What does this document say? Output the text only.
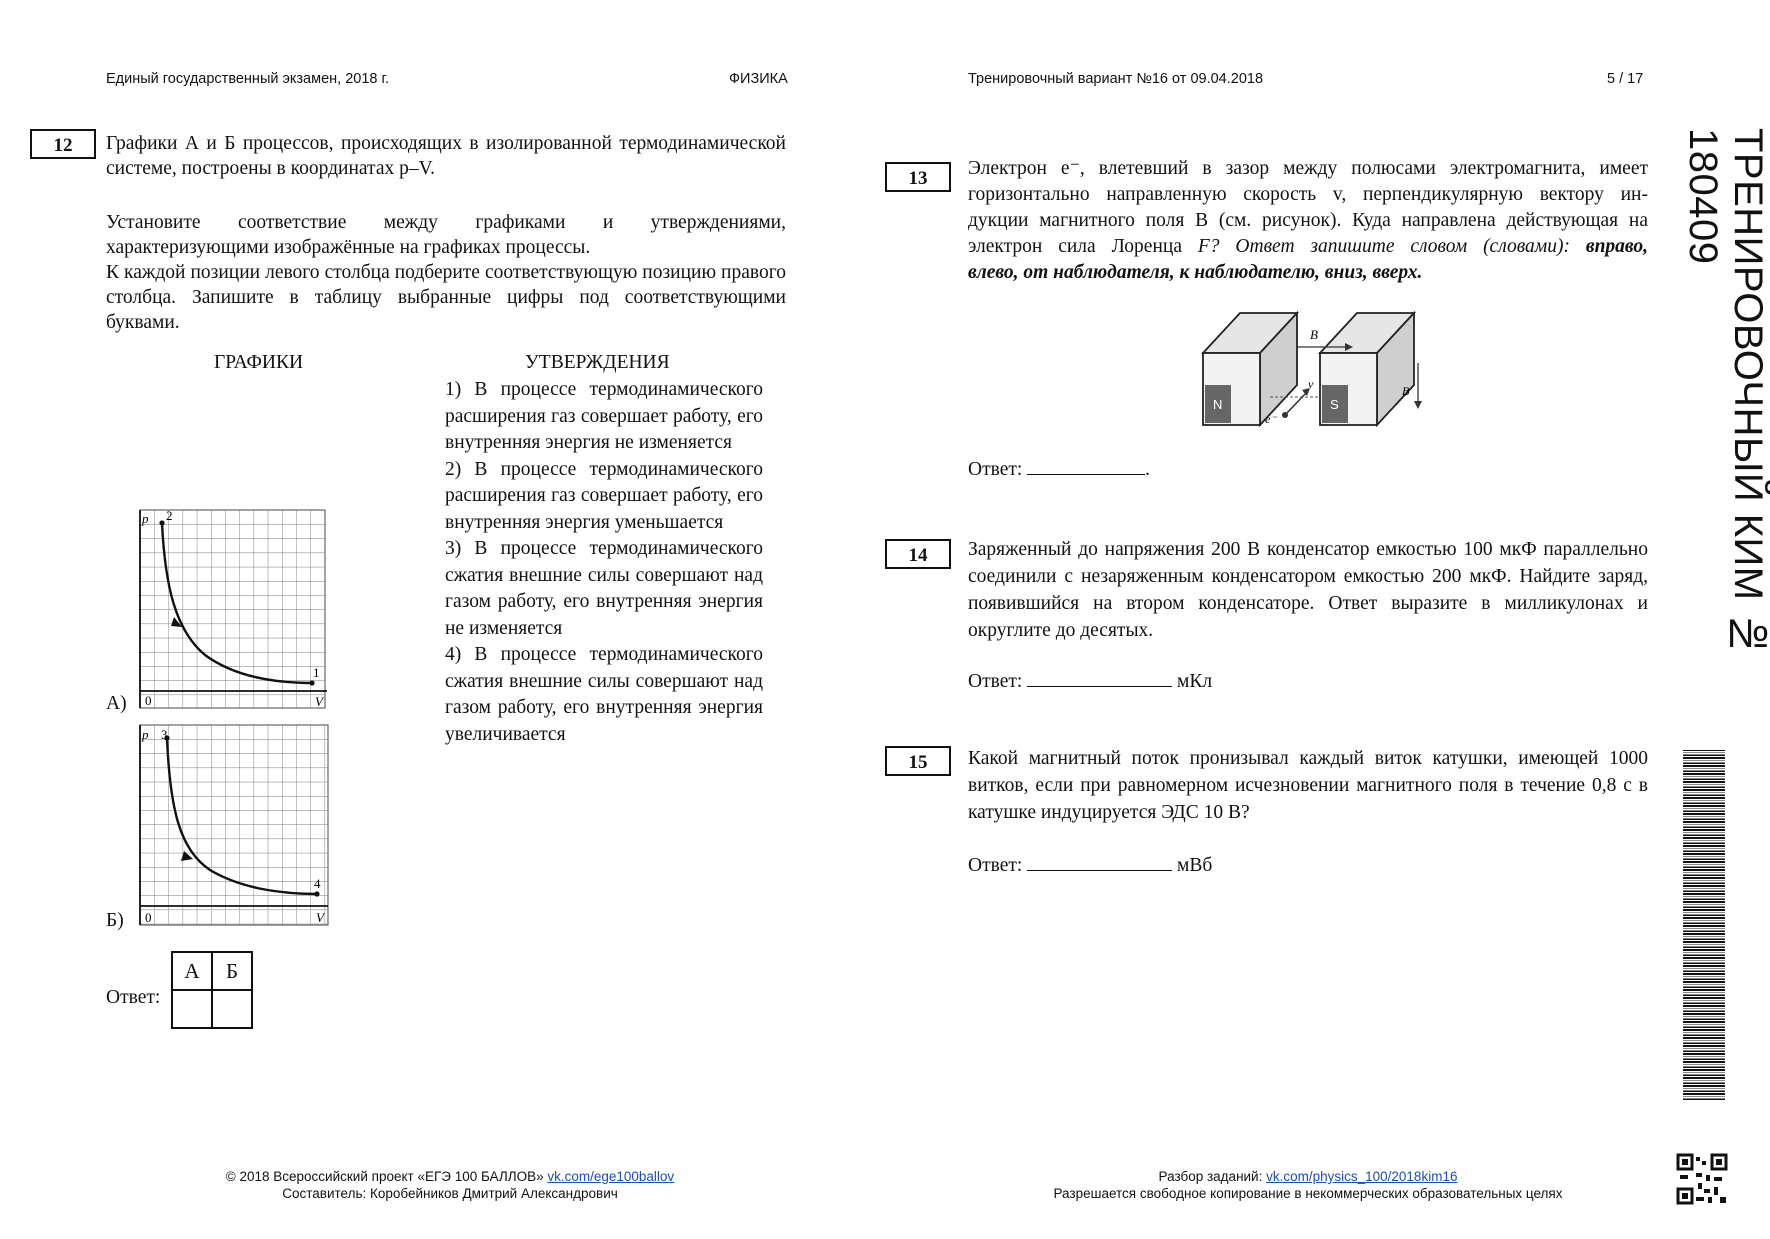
Единый государственный экзамен, 2018 г.	ФИЗИКА	Тренировочный вариант №16 от 09.04.2018	5 / 17
ТРЕНИРОВОЧНЫЙ КИМ № 180409
12	Графики А и Б процессов, происходящих в изолированной термодинамической системе, построены в координатах p–V.

Установите соответствие между графиками и утверждениями, характеризующими изображённые на графиках процессы.

К каждой позиции левого столбца подберите соответствующую позицию правого столбца. Запишите в таблицу выбранные цифры под соответствующими буквами.

ГРАФИКИ	УТВЕРЖДЕНИЯ

1) В процессе термодинамического расширения газ совершает работу, его внутренняя энергия не изменяется

2) В процессе термодинамического расширения газ совершает работу, его внутренняя энергия уменьшается

3) В процессе термодинамического сжатия внешние силы совершают над газом работу, его внутренняя энергия не изменяется

4) В процессе термодинамического сжатия внешние силы совершают над газом работу, его внутренняя энергия увеличивается

А)
p 2
1
0	V
Б)
p 3
4
0	V
Ответ:
А	Б

13	Электрон e⁻, влетевший в зазор между полюсами электромагнита, имеет

горизонтально направленную скорость v, перпендикулярную вектору ин-

дукции магнитного поля B (см. рисунок). Куда направлена действующая на

электрон сила Лоренца F? Ответ запишите словом (словами): вправо,

влево, от наблюдателя, к наблюдателю, вниз, вверх.

N	S
B
v
e⁻
B
Ответ:	.
14	Заряженный до напряжения 200 В конденсатор емкостью 100 мкФ параллельно соединили с незаряженным конденсатором емкостью 200 мкФ. Найдите заряд, появившийся на втором конденсаторе. Ответ выразите в милликулонах и округлите до десятых.
Ответ:	мКл
15	Какой магнитный поток пронизывал каждый виток катушки, имеющей 1000 витков, если при равномерном исчезновении магнитного поля в течение 0,8 с в катушке индуцируется ЭДС 10 В?
Ответ:	мВб
© 2018 Всероссийский проект «ЕГЭ 100 БАЛЛОВ» vk.com/ege100ballov
Составитель: Коробейников Дмитрий Александрович
Разбор заданий: vk.com/physics_100/2018kim16
Разрешается свободное копирование в некоммерческих образовательных целях
